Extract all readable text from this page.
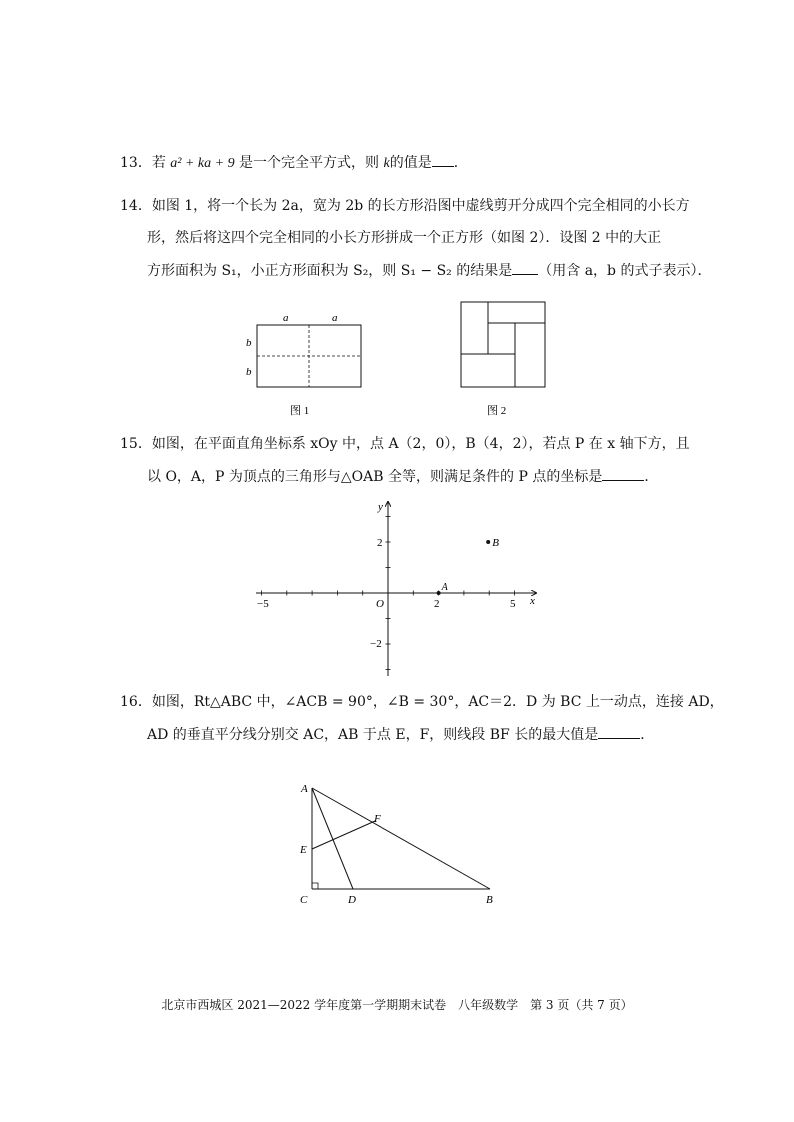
13．若 a² + ka + 9 是一个完全平方式，则 k的值是 ．
14．如图 1，将一个长为 2a，宽为 2b 的长方形沿图中虚线剪开分成四个完全相同的小长方
形，然后将这四个完全相同的小长方形拼成一个正方形（如图 2）．设图 2 中的大正
方形面积为 S₁，小正方形面积为 S₂，则 S₁ − S₂ 的结果是 （用含 a，b 的式子表示）．
a	a
b
b
图 1	图 2
15．如图，在平面直角坐标系 xOy 中，点 A（2，0），B（4，2），若点 P 在 x 轴下方，且
以 O，A，P 为顶点的三角形与△OAB 全等，则满足条件的 P 点的坐标是	．
x
y
O
−5	2	5
2
−2
A
B
16．如图，Rt△ABC 中，∠ACB = 90°，∠B = 30°，AC＝2．D 为 BC 上一动点，连接 AD，
AD 的垂直平分线分别交 AC，AB 于点 E，F，则线段 BF 长的最大值是	．
A
B
C	D
E
F
北京市西城区 2021—2022 学年度第一学期期末试卷　八年级数学　第 3 页（共 7 页）
